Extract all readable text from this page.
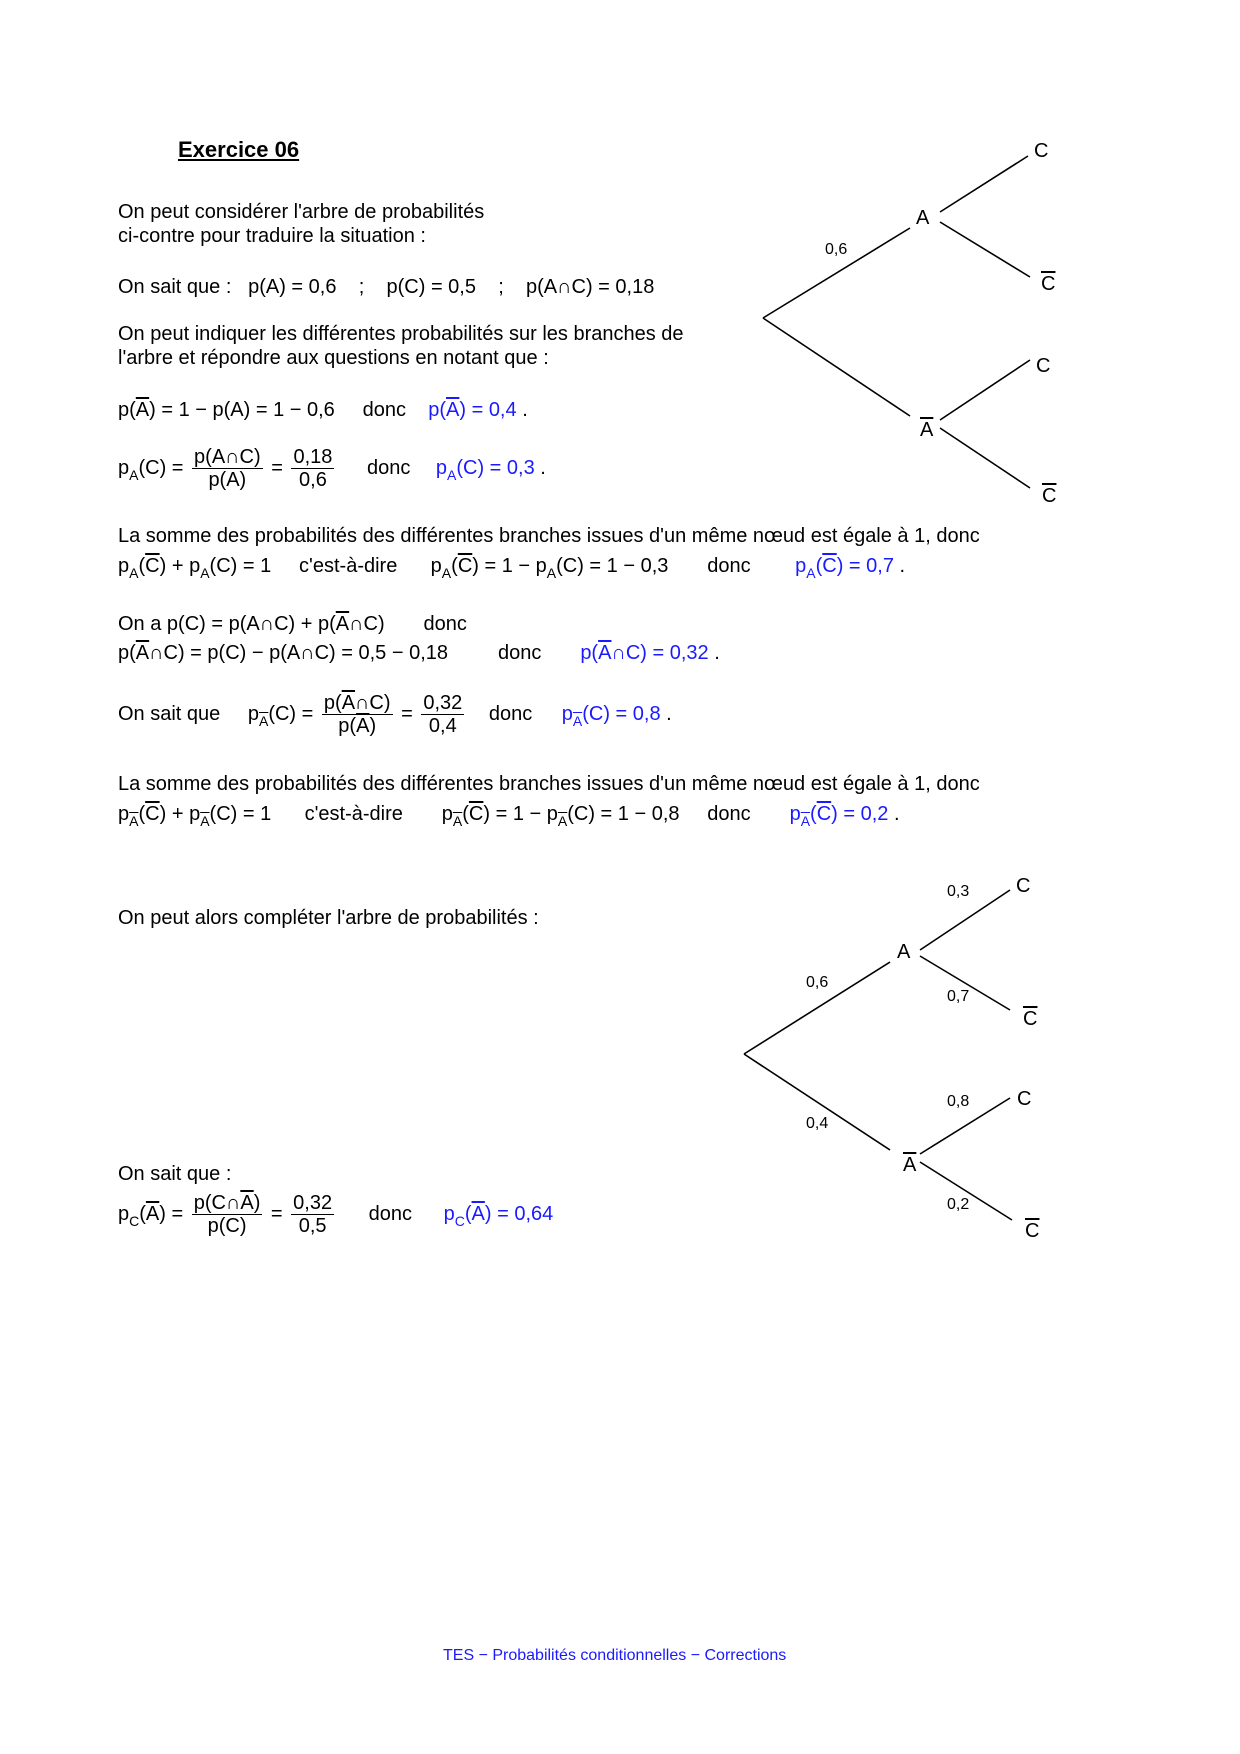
Exercice 06
On peut considérer l'arbre de probabilités
ci-contre pour traduire la situation :
On sait que : p(A) = 0,6 ; p(C) = 0,5 ; p(A∩C) = 0,18
On peut indiquer les différentes probabilités sur les branches de
l'arbre et répondre aux questions en notant que :
$p(\overline{A}) = 1 - p(A) = 1 - 0,6$ donc $p(\overline{A}) = 0,4$ .
$p_A(C) = \frac{p(A\cap C)}{p(A)} = \frac{0,18}{0,6}$ donc $p_A(C) = 0,3$ .
La somme des probabilités des différentes branches issues d'un même nœud est égale à 1, donc
$p_A(\overline{C}) + p_A(C) = 1$ c'est-à-dire $p_A(\overline{C}) = 1 - p_A(C) = 1 - 0,3$ donc $p_A(\overline{C}) = 0,7$ .
On a p(C) = p(A∩C) + $p(\overline{A}\cap C)$ donc
$p(\overline{A}\cap C) = p(C)$ − p(A∩C) = 0,5 − 0,18	donc $p(\overline{A}\cap C) = 0,32$ .
On sait que $p_{\overline{A}}(C) = \frac{p(\overline{A}\cap C)}{p(\overline{A})} = \frac{0,32}{0,4}$ donc $p_{\overline{A}}(C) = 0,8$ .
La somme des probabilités des différentes branches issues d'un même nœud est égale à 1, donc
$p_{\overline{A}}(\overline{C}) + p_{\overline{A}}(C) = 1$ c'est-à-dire $p_{\overline{A}}(\overline{C}) = 1 - p_{\overline{A}}(C) = 1 - 0,8$ donc $p_{\overline{A}}(\overline{C}) = 0,2$ .
On peut alors compléter l'arbre de probabilités :
On sait que :
$p_C(\overline{A}) = \frac{p(C\cap\overline{A})}{p(C)} = \frac{0,32}{0,5}$ donc $p_C(\overline{A}) = 0,64$
A
A
C
C
C
C
0,6
A
A
C
C
C
C
0,6
0,4
0,3
0,7
0,8
0,2
TES − Probabilités conditionnelles − Corrections
